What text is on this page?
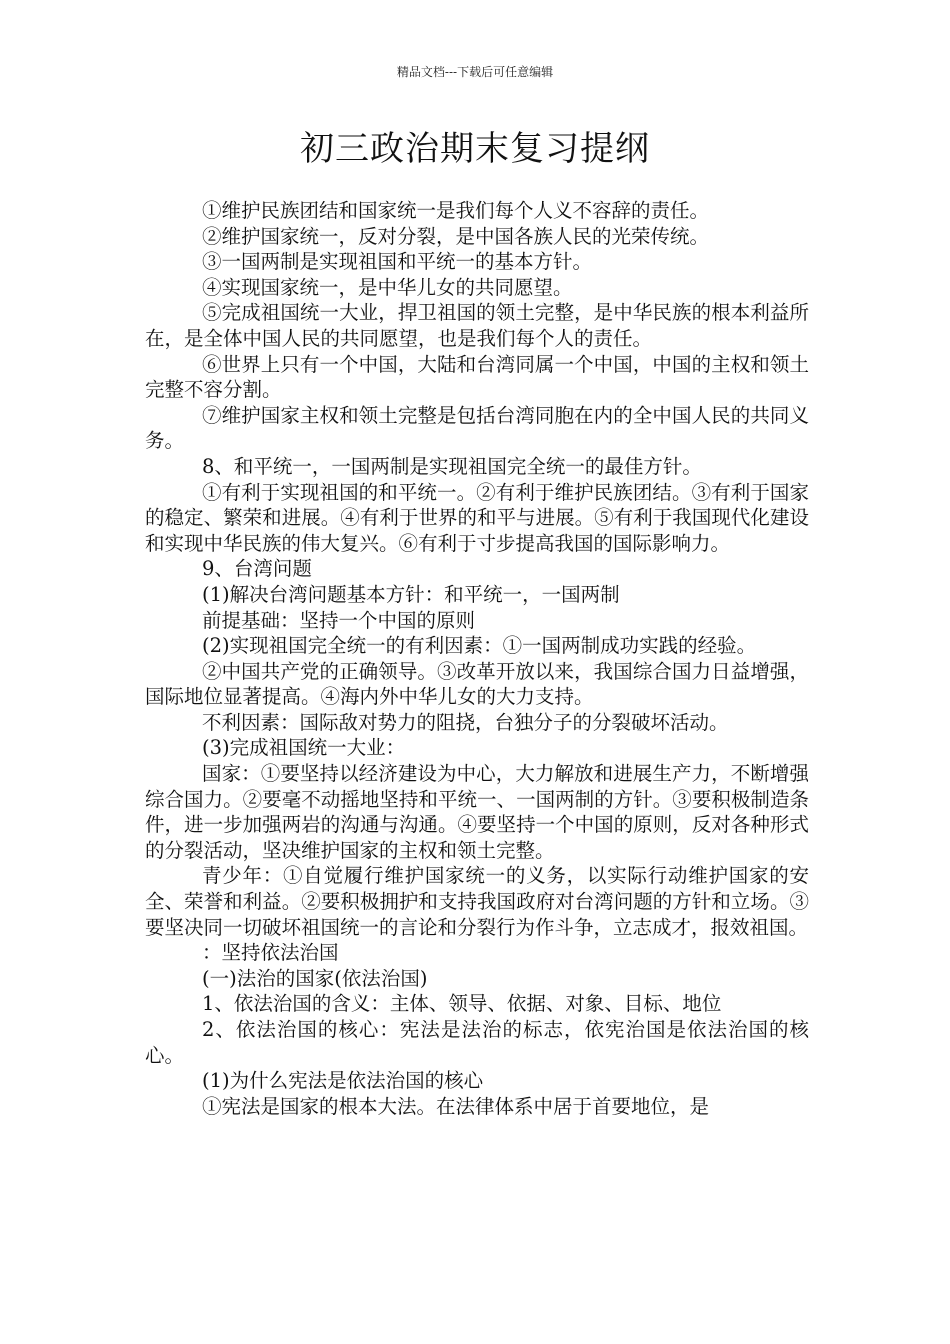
精品文档---下载后可任意编辑
初三政治期末复习提纲

①维护民族团结和国家统一是我们每个人义不容辞的责任。

②维护国家统一，反对分裂，是中国各族人民的光荣传统。

③一国两制是实现祖国和平统一的基本方针。

④实现国家统一，是中华儿女的共同愿望。

⑤完成祖国统一大业，捍卫祖国的领土完整，是中华民族的根本利益所在，是全体中国人民的共同愿望，也是我们每个人的责任。

⑥世界上只有一个中国，大陆和台湾同属一个中国，中国的主权和领土完整不容分割。

⑦维护国家主权和领土完整是包括台湾同胞在内的全中国人民的共同义务。

8、和平统一，一国两制是实现祖国完全统一的最佳方针。

①有利于实现祖国的和平统一。②有利于维护民族团结。③有利于国家的稳定、繁荣和进展。④有利于世界的和平与进展。⑤有利于我国现代化建设和实现中华民族的伟大复兴。⑥有利于寸步提高我国的国际影响力。

9、台湾问题

(1)解决台湾问题基本方针：和平统一，一国两制

前提基础：坚持一个中国的原则

(2)实现祖国完全统一的有利因素：①一国两制成功实践的经验。

②中国共产党的正确领导。③改革开放以来，我国综合国力日益增强，国际地位显著提高。④海内外中华儿女的大力支持。

不利因素：国际敌对势力的阻挠，台独分子的分裂破坏活动。

(3)完成祖国统一大业：

国家：①要坚持以经济建设为中心，大力解放和进展生产力，不断增强综合国力。②要毫不动摇地坚持和平统一、一国两制的方针。③要积极制造条件，进一步加强两岩的沟通与沟通。④要坚持一个中国的原则，反对各种形式的分裂活动，坚决维护国家的主权和领土完整。

青少年：①自觉履行维护国家统一的义务，以实际行动维护国家的安全、荣誉和利益。②要积极拥护和支持我国政府对台湾问题的方针和立场。③要坚决同一切破坏祖国统一的言论和分裂行为作斗争，立志成才，报效祖国。

：坚持依法治国

(一)法治的国家(依法治国)

1、依法治国的含义：主体、领导、依据、对象、目标、地位

2、依法治国的核心：宪法是法治的标志，依宪治国是依法治国的核心。

(1)为什么宪法是依法治国的核心

①宪法是国家的根本大法。在法律体系中居于首要地位，是
